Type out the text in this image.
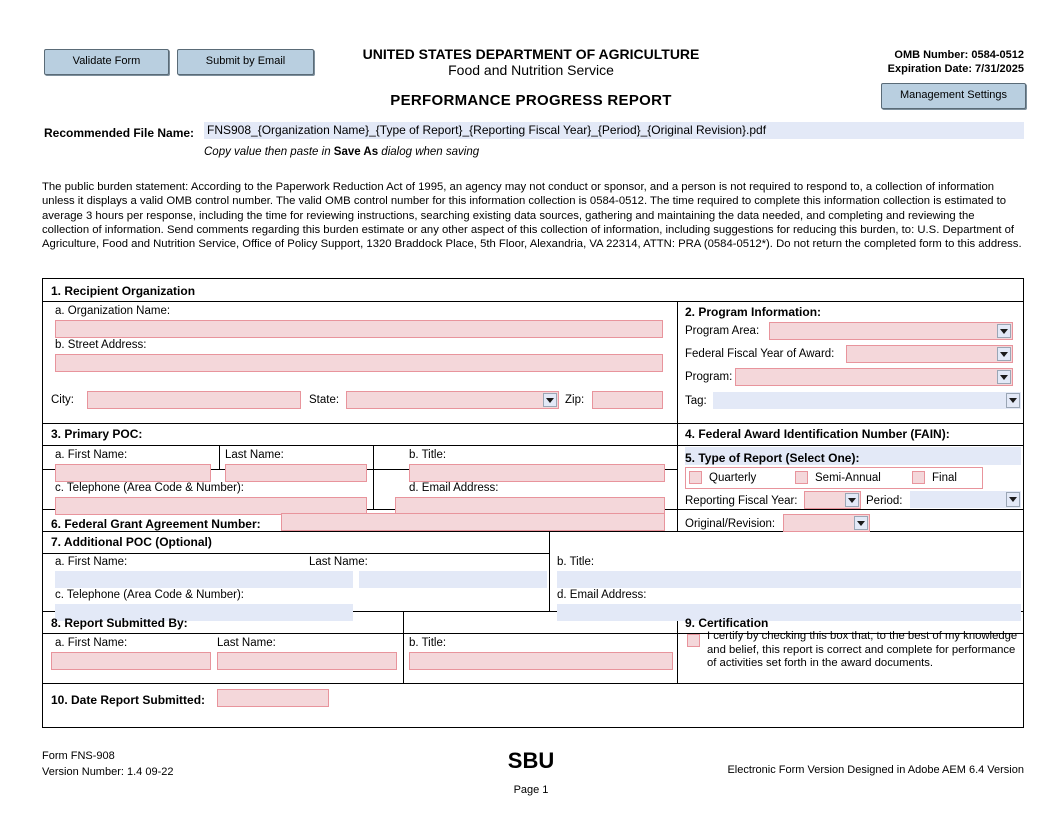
Validate Form	Submit by Email
Management Settings
UNITED STATES DEPARTMENT OF AGRICULTURE
Food and Nutrition Service
PERFORMANCE PROGRESS REPORT
OMB Number: 0584-0512
Expiration Date: 7/31/2025
Recommended File Name: FNS908_{Organization Name}_{Type of Report}_{Reporting Fiscal Year}_{Period}_{Original Revision}.pdf
Copy value then paste in Save As dialog when saving
The public burden statement: According to the Paperwork Reduction Act of 1995, an agency may not conduct or sponsor, and a person is not required to respond to, a collection of information unless it displays a valid OMB control number. The valid OMB control number for this information collection is 0584-0512. The time required to complete this information collection is estimated to average 3 hours per response, including the time for reviewing instructions, searching existing data sources, gathering and maintaining the data needed, and completing and reviewing the collection of information. Send comments regarding this burden estimate or any other aspect of this collection of information, including suggestions for reducing this burden, to: U.S. Department of Agriculture, Food and Nutrition Service, Office of Policy Support, 1320 Braddock Place, 5th Floor, Alexandria, VA 22314, ATTN: PRA (0584-0512*). Do not return the completed form to this address.
1. Recipient Organization
a. Organization Name:
b. Street Address:
City:	State:	Zip:
2. Program Information:
Program Area:
Federal Fiscal Year of Award:
Program:
Tag:
3. Primary POC:
a. First Name:	Last Name:	b. Title:
c. Telephone (Area Code & Number):	d. Email Address:
4. Federal Award Identification Number (FAIN):
5. Type of Report (Select One):
Quarterly	Semi-Annual	Final
Reporting Fiscal Year:	Period:
Original/Revision:
6. Federal Grant Agreement Number:
7. Additional POC (Optional)
a. First Name:	Last Name:	b. Title:
c. Telephone (Area Code & Number):	d. Email Address:
8. Report Submitted By:
a. First Name:	Last Name:	b. Title:
9. Certification
I certify by checking this box that, to the best of my knowledge and belief, this report is correct and complete for performance of activities set forth in the award documents.
10. Date Report Submitted:
Form FNS-908
Version Number: 1.4 09-22	SBU
Page 1
Electronic Form Version Designed in Adobe AEM 6.4 Version
